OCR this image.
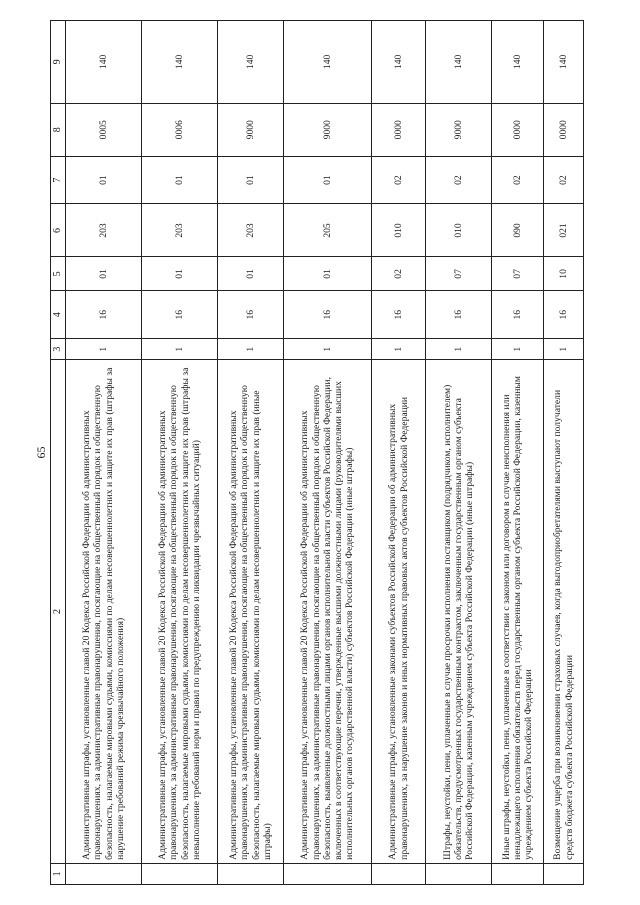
65
1	2	3	4	5	6	7	8	9
	Административные штрафы, установленные главой 20 Кодекса Российской Федерации об административных правонарушениях, за административные правонарушения, посягающие на общественный порядок и общественную безопасность, налагаемые мировыми судьями, комиссиями по делам несовершеннолетних и защите их прав (штрафы за нарушение требований режима чрезвычайного положения)	1	16	01	203	01	0005	140
	Административные штрафы, установленные главой 20 Кодекса Российской Федерации об административных правонарушениях, за административные правонарушения, посягающие на общественный порядок и общественную безопасность, налагаемые мировыми судьями, комиссиями по делам несовершеннолетних и защите их прав (штрафы за невыполнение требований норм и правил по предупреждению и ликвидации чрезвычайных ситуаций)	1	16	01	203	01	0006	140
	Административные штрафы, установленные главой 20 Кодекса Российской Федерации об административных правонарушениях, за административные правонарушения, посягающие на общественный порядок и общественную безопасность, налагаемые мировыми судьями, комиссиями по делам несовершеннолетних и защите их прав (иные штрафы)	1	16	01	203	01	9000	140
	Административные штрафы, установленные главой 20 Кодекса Российской Федерации об административных правонарушениях, за административные правонарушения, посягающие на общественный порядок и общественную безопасность, выявленные должностными лицами органов исполнительной власти субъектов Российской Федерации, включенных в соответствующие перечни, утвержденные высшими должностными лицами (руководителями высших исполнительных органов государственной власти) субъектов Российской Федерации (иные штрафы)	1	16	01	205	01	9000	140
	Административные штрафы, установленные законами субъектов Российской Федерации об административных правонарушениях, за нарушение законов и иных нормативных правовых актов субъектов Российской Федерации	1	16	02	010	02	0000	140
	Штрафы, неустойки, пени, уплаченные в случае просрочки исполнения поставщиком (подрядчиком, исполнителем) обязательств, предусмотренных государственным контрактом, заключенным государственным органом субъекта Российской Федерации, казенным учреждением субъекта Российской Федерации (иные штрафы)	1	16	07	010	02	9000	140
	Иные штрафы, неустойки, пени, уплаченные в соответствии с законом или договором в случае неисполнения или ненадлежащего исполнения обязательств перед государственным органом субъекта Российской Федерации, казенным учреждением субъекта Российской Федерации	1	16	07	090	02	0000	140
	Возмещение ущерба при возникновении страховых случаев, когда выгодоприобретателями выступают получатели средств бюджета субъекта Российской Федерации	1	16	10	021	02	0000	140
